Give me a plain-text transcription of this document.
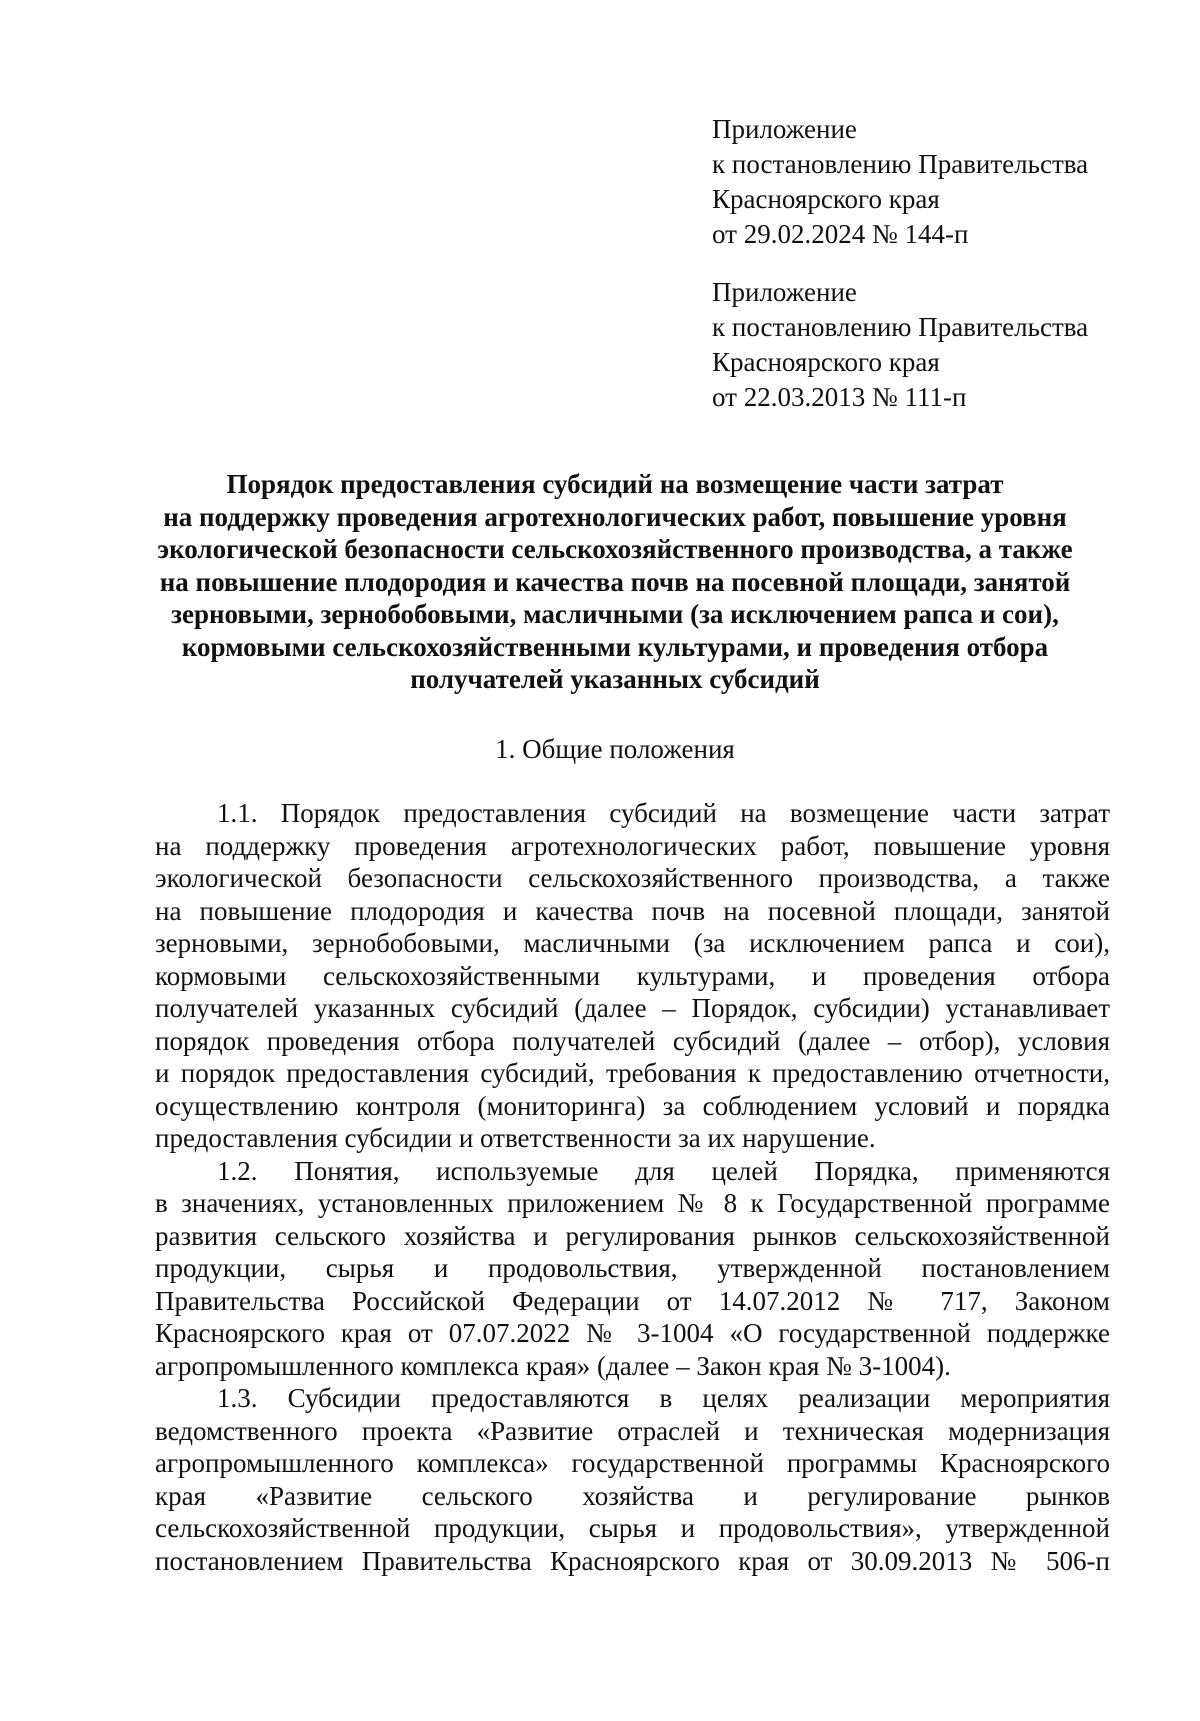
Приложение
к постановлению Правительства
Красноярского края
от 29.02.2024 № 144-п
Приложение
к постановлению Правительства
Красноярского края
от 22.03.2013 № 111-п
Порядок предоставления субсидий на возмещение части затрат
на поддержку проведения агротехнологических работ, повышение уровня
экологической безопасности сельскохозяйственного производства, а также
на повышение плодородия и качества почв на посевной площади, занятой
зерновыми, зернобобовыми, масличными (за исключением рапса и сои),
кормовыми сельскохозяйственными культурами, и проведения отбора
получателей указанных субсидий
1. Общие положения
1.1. Порядок предоставления субсидий на возмещение части затрат
на поддержку проведения агротехнологических работ, повышение уровня
экологической безопасности сельскохозяйственного производства, а также
на повышение плодородия и качества почв на посевной площади, занятой
зерновыми, зернобобовыми, масличными (за исключением рапса и сои),
кормовыми сельскохозяйственными культурами, и проведения отбора
получателей указанных субсидий (далее – Порядок, субсидии) устанавливает
порядок проведения отбора получателей субсидий (далее – отбор), условия
и порядок предоставления субсидий, требования к предоставлению отчетности,
осуществлению контроля (мониторинга) за соблюдением условий и порядка
предоставления субсидии и ответственности за их нарушение.
1.2. Понятия, используемые для целей Порядка, применяются
в значениях, установленных приложением № 8 к Государственной программе
развития сельского хозяйства и регулирования рынков сельскохозяйственной
продукции, сырья и продовольствия, утвержденной постановлением
Правительства Российской Федерации от 14.07.2012 № 717, Законом
Красноярского края от 07.07.2022 № 3-1004 «О государственной поддержке
агропромышленного комплекса края» (далее – Закон края № 3-1004).
1.3. Субсидии предоставляются в целях реализации мероприятия
ведомственного проекта «Развитие отраслей и техническая модернизация
агропромышленного комплекса» государственной программы Красноярского
края «Развитие сельского хозяйства и регулирование рынков
сельскохозяйственной продукции, сырья и продовольствия», утвержденной
постановлением Правительства Красноярского края от 30.09.2013 № 506-п
